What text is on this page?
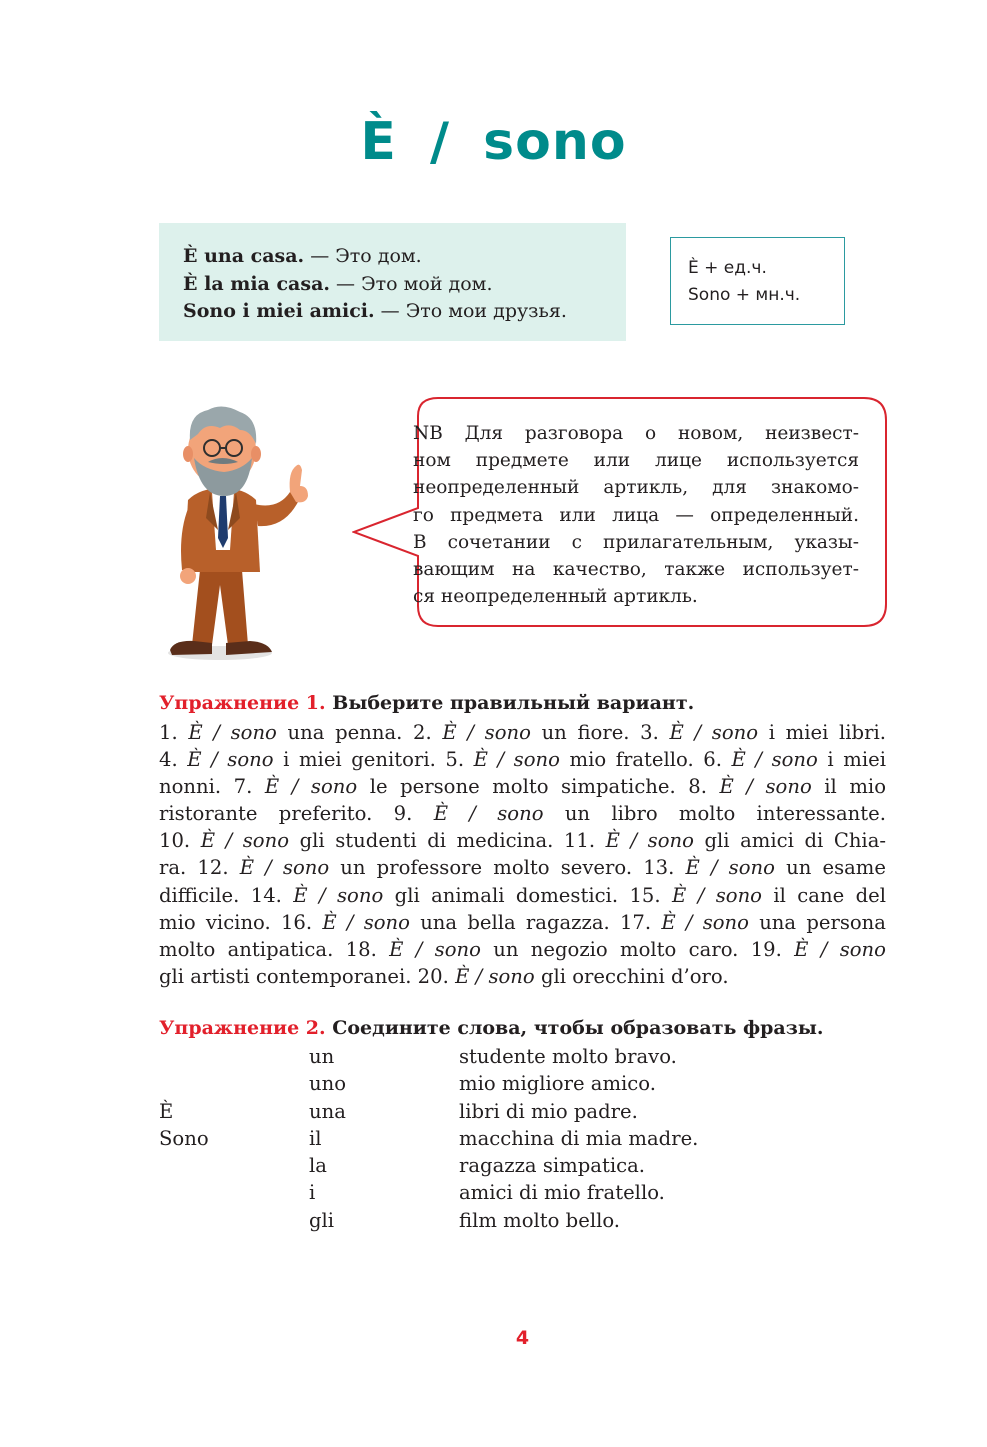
È / sono
È una casa. — Это дом.
È la mia casa. — Это мой дом.
Sono i miei amici. — Это мои друзья.
È + ед.ч.
Sono + мн.ч.
NB Для разговора о новом, неизвест-
ном предмете или лице используется
неопределенный артикль, для знакомо-
го предмета или лица — определенный.
В сочетании с прилагательным, указы-
вающим на качество, также использует-
ся неопределенный артикль.
Упражнение 1. Выберите правильный вариант.
1. È / sono una penna. 2. È / sono un fiore. 3. È / sono i miei libri.
4. È / sono i miei genitori. 5. È / sono mio fratello. 6. È / sono i miei
nonni. 7. È / sono le persone molto simpatiche. 8. È / sono il mio
ristorante preferito. 9. È / sono un libro molto interessante.
10. È / sono gli studenti di medicina. 11. È / sono gli amici di Chia-
ra. 12. È / sono un professore molto severo. 13. È / sono un esame
difficile. 14. È / sono gli animali domestici. 15. È / sono il cane del
mio vicino. 16. È / sono una bella ragazza. 17. È / sono una persona
molto antipatica. 18. È / sono un negozio molto caro. 19. È / sono
gli artisti contemporanei. 20. È / sono gli orecchini d’oro.
Упражнение 2. Соедините слова, чтобы образовать фразы.

È
Sono

un
uno
una
il
la
i
gli
studente molto bravo.
mio migliore amico.
libri di mio padre.
macchina di mia madre.
ragazza simpatica.
amici di mio fratello.
film molto bello.
4
